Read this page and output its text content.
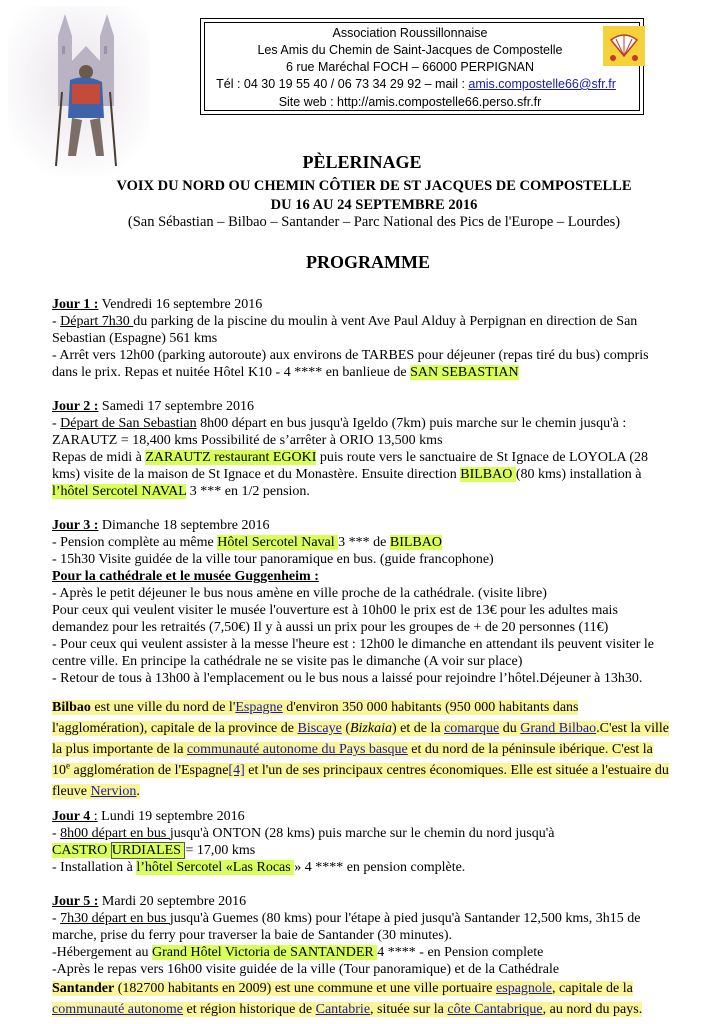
Association Roussillonnaise
Les Amis du Chemin de Saint-Jacques de Compostelle
6 rue Maréchal FOCH – 66000 PERPIGNAN
Tél : 04 30 19 55 40 / 06 73 34 29 92 – mail : amis.compostelle66@sfr.fr
Site web : http://amis.compostelle66.perso.sfr.fr
PÈLERINAGE
VOIX DU NORD OU CHEMIN CÔTIER DE ST JACQUES DE COMPOSTELLE
DU 16 AU 24 SEPTEMBRE 2016
(San Sébastian – Bilbao – Santander – Parc National des Pics de l'Europe – Lourdes)
PROGRAMME

Jour 1 : Vendredi 16 septembre 2016

- Départ 7h30 du parking de la piscine du moulin à vent Ave Paul Alduy à Perpignan en direction de San Sebastian (Espagne) 561 kms

- Arrêt vers 12h00 (parking autoroute) aux environs de TARBES pour déjeuner (repas tiré du bus) compris dans le prix. Repas et nuitée Hôtel K10 - 4 **** en banlieue de SAN SEBASTIAN

Jour 2 : Samedi 17 septembre 2016

- Départ de San Sebastian 8h00 départ en bus jusqu'à Igeldo (7km) puis marche sur le chemin jusqu'à : ZARAUTZ = 18,400 kms Possibilité de s’arrêter à ORIO 13,500 kms

Repas de midi à ZARAUTZ restaurant EGOKI puis route vers le sanctuaire de St Ignace de LOYOLA (28 kms) visite de la maison de St Ignace et du Monastère. Ensuite direction BILBAO (80 kms) installation à l’hôtel Sercotel NAVAL 3 *** en 1/2 pension.

Jour 3 : Dimanche 18 septembre 2016

- Pension complète au même Hôtel Sercotel Naval 3 *** de BILBAO

- 15h30 Visite guidée de la ville tour panoramique en bus. (guide francophone)

Pour la cathédrale et le musée Guggenheim :

- Après le petit déjeuner le bus nous amène en ville proche de la cathédrale. (visite libre)

Pour ceux qui veulent visiter le musée l'ouverture est à 10h00 le prix est de 13€ pour les adultes mais demandez pour les retraités (7,50€) Il y à aussi un prix pour les groupes de + de 20 personnes (11€)

- Pour ceux qui veulent assister à la messe l'heure est : 12h00 le dimanche en attendant ils peuvent visiter le centre ville. En principe la cathédrale ne se visite pas le dimanche (A voir sur place)

- Retour de tous à 13h00 à l'emplacement ou le bus nous a laissé pour rejoindre l’hôtel.Déjeuner à 13h30.

Bilbao est une ville du nord de l'Espagne d'environ 350 000 habitants (950 000 habitants dans l'agglomération), capitale de la province de Biscaye (Bizkaia) et de la comarque du Grand Bilbao.C'est la ville la plus importante de la communauté autonome du Pays basque et du nord de la péninsule ibérique. C'est la 10e agglomération de l'Espagne[4] et l'un de ses principaux centres économiques. Elle est située a l'estuaire du fleuve Nervion.

Jour 4 : Lundi 19 septembre 2016

- 8h00 départ en bus jusqu'à ONTON (28 kms) puis marche sur le chemin du nord jusqu'à

CASTRO URDIALES = 17,00 kms

- Installation à l’hôtel Sercotel «Las Rocas » 4 **** en pension complète.

Jour 5 : Mardi 20 septembre 2016

- 7h30 départ en bus jusqu'à Guemes (80 kms) pour l'étape à pied jusqu'à Santander 12,500 kms, 3h15 de marche, prise du ferry pour traverser la baie de Santander (30 minutes).

-Hébergement au Grand Hôtel Victoria de SANTANDER 4 **** - en Pension complete

-Après le repas vers 16h00 visite guidée de la ville (Tour panoramique) et de la Cathédrale

Santander (182700 habitants en 2009) est une commune et une ville portuaire espagnole, capitale de la communauté autonome et région historique de Cantabrie, située sur la côte Cantabrique, au nord du pays.
